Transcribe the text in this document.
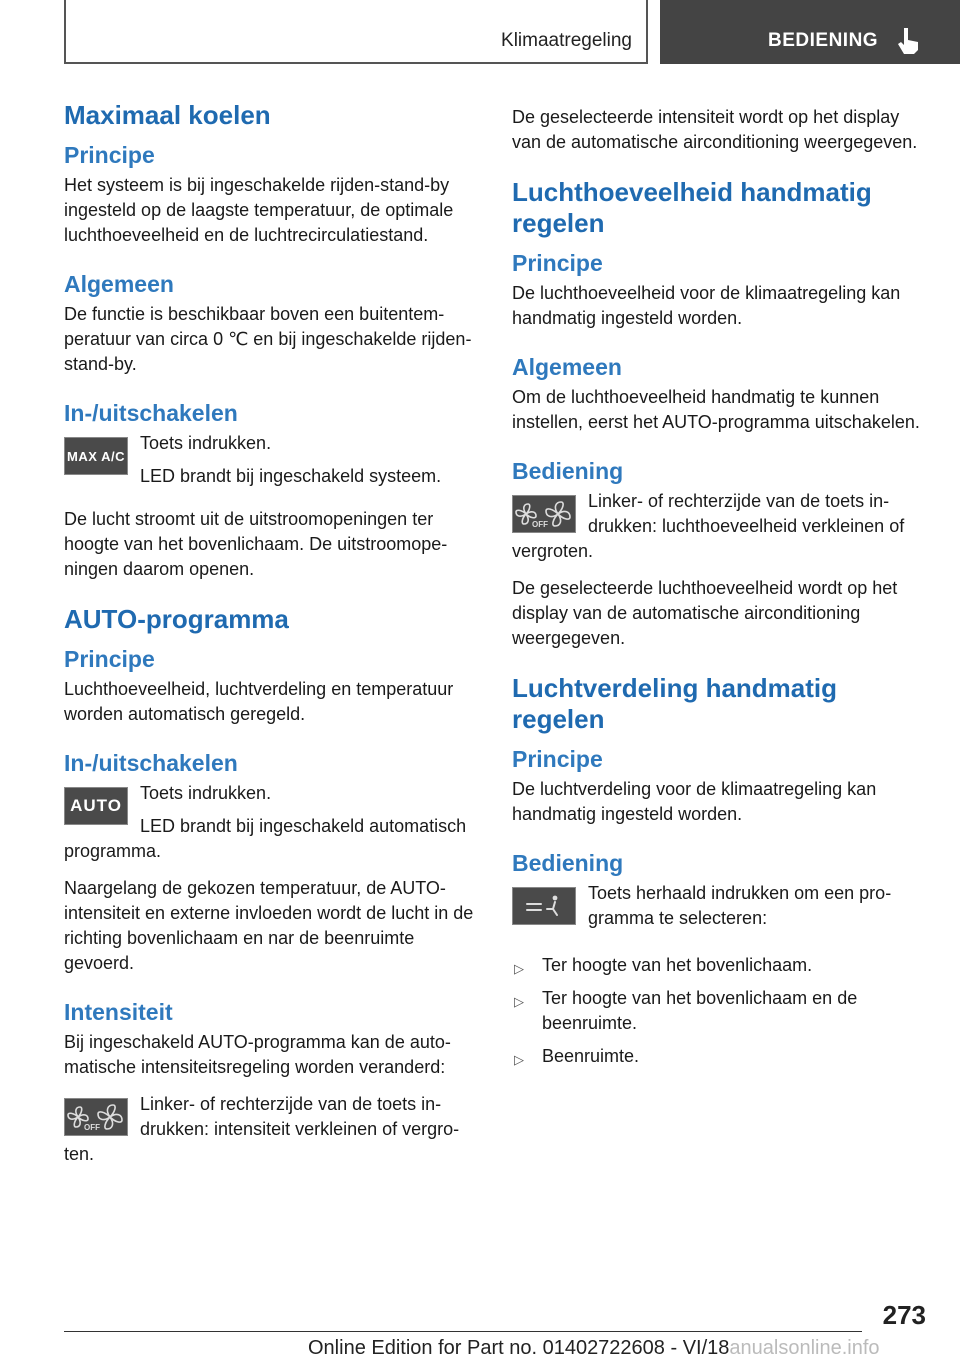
Klimaatregeling	BEDIENING
Maximaal koelen
Principe

Het systeem is bij ingeschakelde rijden-stand-by ingesteld op de laagste temperatuur, de optimale luchthoeveelheid en de luchtrecirculatiestand.

Algemeen

De functie is beschikbaar boven een buitentemperatuur van circa 0 ℃ en bij ingeschakelde rijden-stand-by.

In-/uitschakelen
MAX A/C

Toets indrukken.

LED brandt bij ingeschakeld systeem.

De lucht stroomt uit de uitstroomopeningen ter hoogte van het bovenlichaam. De uitstroomopeningen daarom openen.

AUTO-programma
Principe

Luchthoeveelheid, luchtverdeling en temperatuur worden automatisch geregeld.

In-/uitschakelen
AUTO

Toets indrukken.

LED brandt bij ingeschakeld automatisch programma.

Naargelang de gekozen temperatuur, de AUTO-intensiteit en externe invloeden wordt de lucht in de richting bovenlichaam en nar de beenruimte gevoerd.

Intensiteit

Bij ingeschakeld AUTO-programma kan de automatische intensiteitsregeling worden veranderd:

OFF

Linker- of rechterzijde van de toets indrukken: intensiteit verkleinen of vergroten.

De geselecteerde intensiteit wordt op het display van de automatische airconditioning weergegeven.

Luchthoeveelheid handmatig regelen
Principe

De luchthoeveelheid voor de klimaatregeling kan handmatig ingesteld worden.

Algemeen

Om de luchthoeveelheid handmatig te kunnen instellen, eerst het AUTO-programma uitschakelen.

Bediening
OFF

Linker- of rechterzijde van de toets indrukken: luchthoeveelheid verkleinen of vergroten.

De geselecteerde luchthoeveelheid wordt op het display van de automatische airconditioning weergegeven.

Luchtverdeling handmatig regelen
Principe

De luchtverdeling voor de klimaatregeling kan handmatig ingesteld worden.

Bediening

Toets herhaald indrukken om een programma te selecteren:

▷ Ter hoogte van het bovenlichaam.
▷ Ter hoogte van het bovenlichaam en de beenruimte.
▷ Beenruimte.
273
Online Edition for Part no. 01402722608 - VI/18anualsonline.info
